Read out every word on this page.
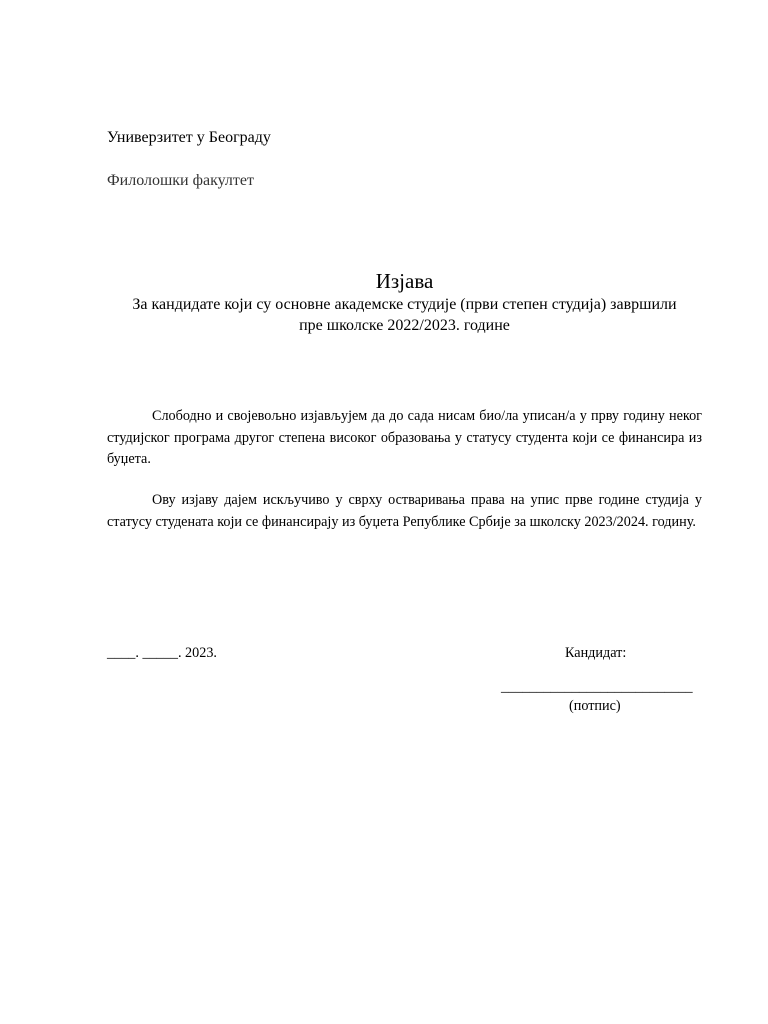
Универзитет у Београду
Филолошки факултет
Изјава
За кандидате који су основне академске студије (први степен студија) завршили
пре школске 2022/2023. године

Слободно и својевољно изјављујем да до сада нисам био/ла уписан/а у прву годину неког студијског програма другог степена високог образовања у статусу студента који се финансира из буџета.

Ову изјаву дајем искључиво у сврху остваривања права на упис прве године студија у статусу студената који се финансирају из буџета Републике Србије за школску 2023/2024. годину.

____. _____. 2023.	Кандидат:
___________________________
(потпис)
